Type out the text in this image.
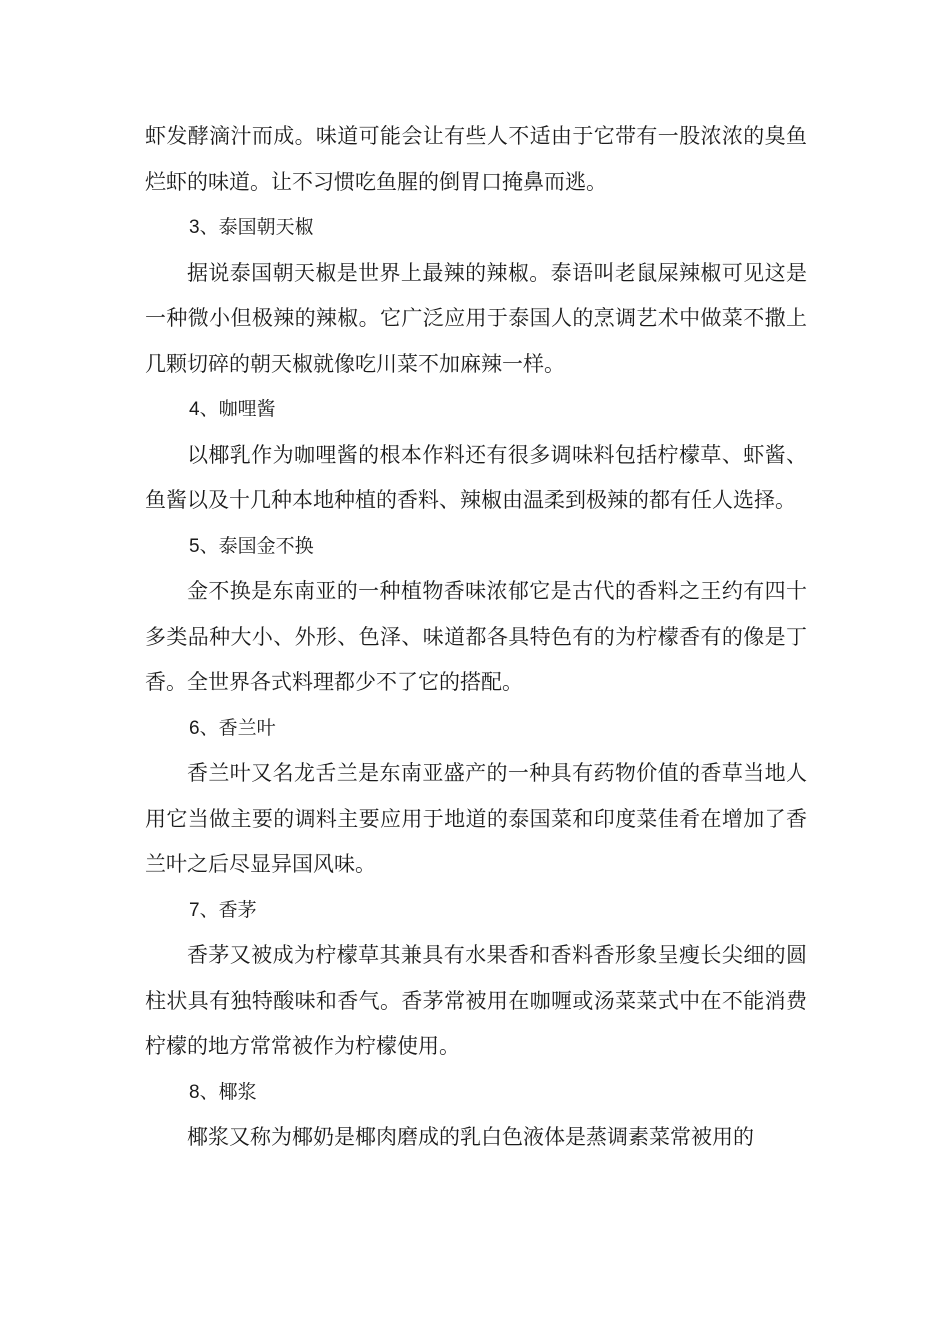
虾发酵滴汁而成。味道可能会让有些人不适由于它带有一股浓浓的臭鱼烂虾的味道。让不习惯吃鱼腥的倒胃口掩鼻而逃。

3、泰国朝天椒

据说泰国朝天椒是世界上最辣的辣椒。泰语叫老鼠屎辣椒可见这是一种微小但极辣的辣椒。它广泛应用于泰国人的烹调艺术中做菜不撒上几颗切碎的朝天椒就像吃川菜不加麻辣一样。

4、咖哩酱

以椰乳作为咖哩酱的根本作料还有很多调味料包括柠檬草、虾酱、鱼酱以及十几种本地种植的香料、辣椒由温柔到极辣的都有任人选择。

5、泰国金不换

金不换是东南亚的一种植物香味浓郁它是古代的香料之王约有四十多类品种大小、外形、色泽、味道都各具特色有的为柠檬香有的像是丁香。全世界各式料理都少不了它的搭配。

6、香兰叶

香兰叶又名龙舌兰是东南亚盛产的一种具有药物价值的香草当地人用它当做主要的调料主要应用于地道的泰国菜和印度菜佳肴在增加了香兰叶之后尽显异国风味。

7、香茅

香茅又被成为柠檬草其兼具有水果香和香料香形象呈瘦长尖细的圆柱状具有独特酸味和香气。香茅常被用在咖喱或汤菜菜式中在不能消费柠檬的地方常常被作为柠檬使用。

8、椰浆

椰浆又称为椰奶是椰肉磨成的乳白色液体是蒸调素菜常被用的
